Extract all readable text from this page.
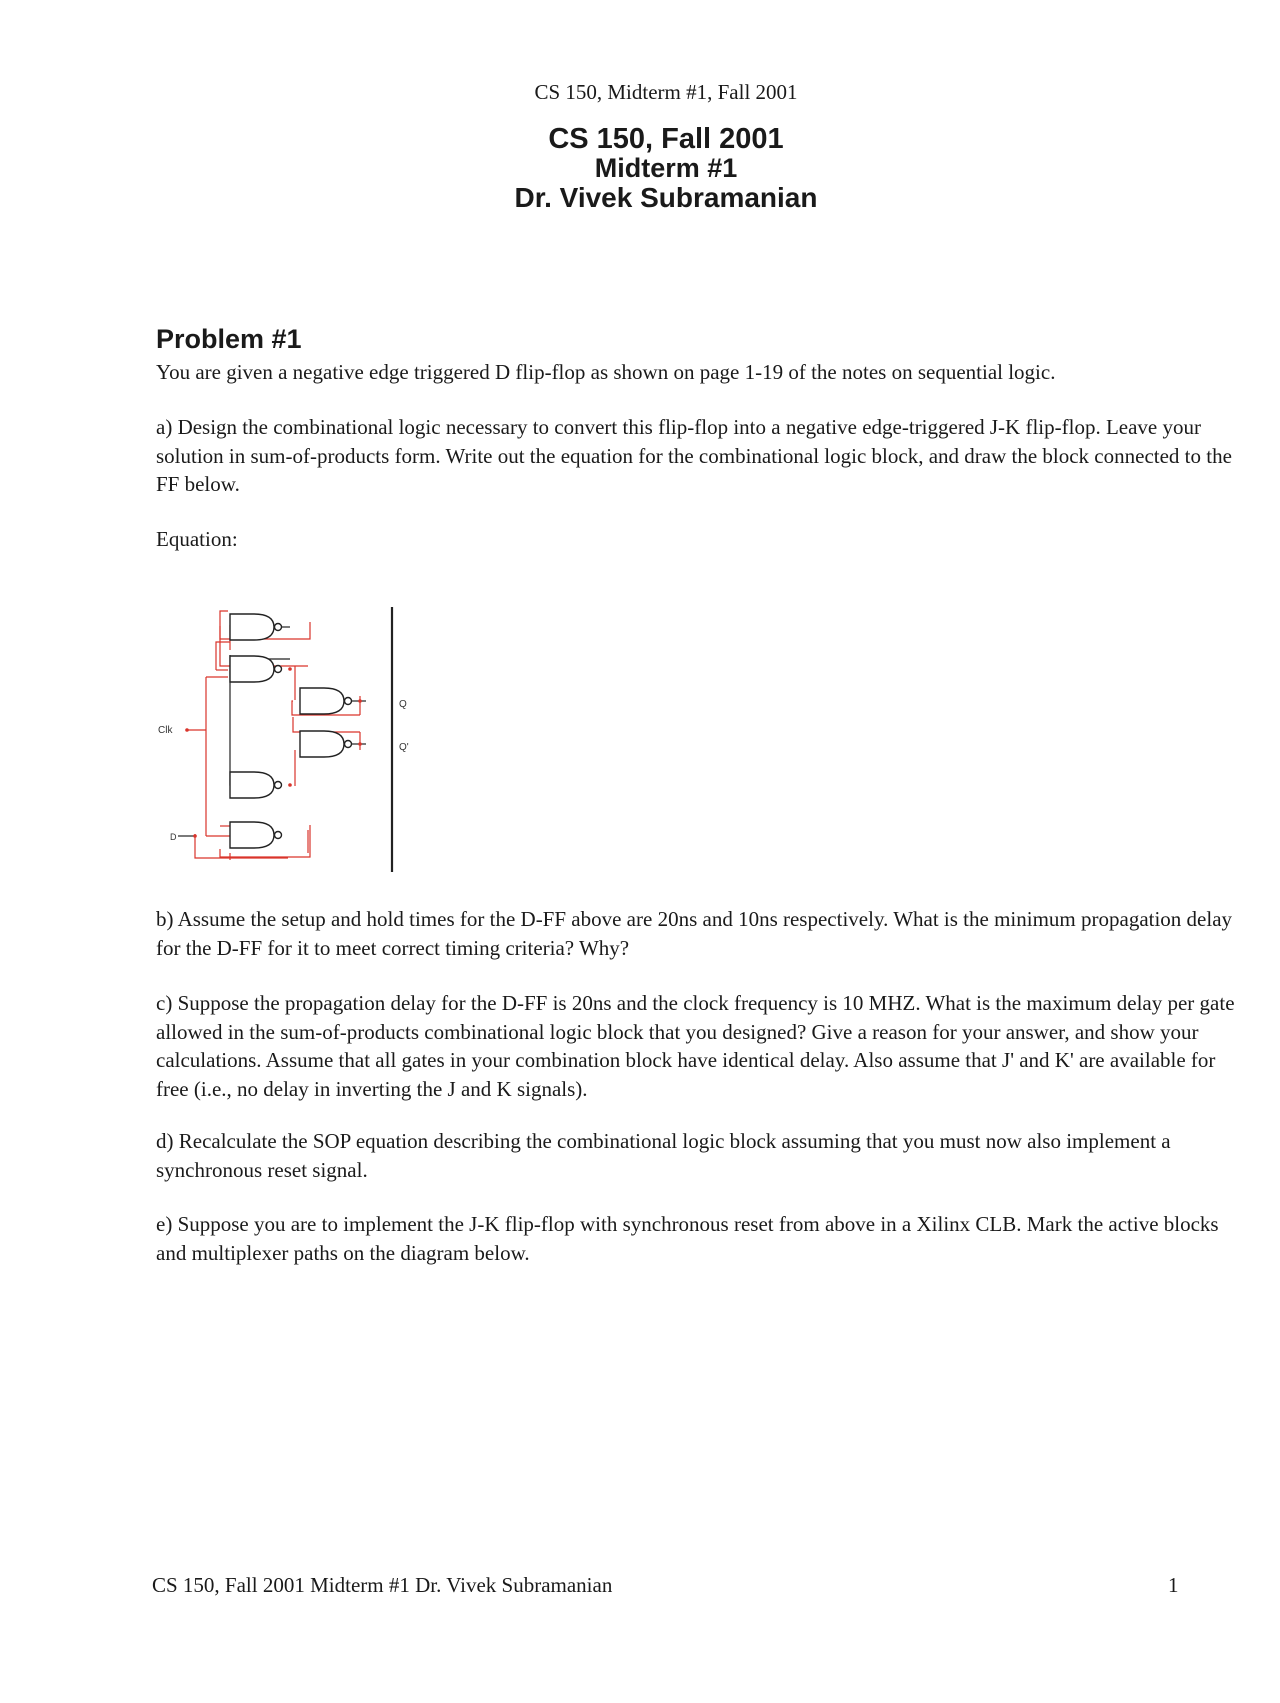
CS 150, Midterm #1, Fall 2001
CS 150, Fall 2001
Midterm #1
Dr. Vivek Subramanian
Problem #1

You are given a negative edge triggered D flip-flop as shown on page 1-19 of the notes on sequential logic.

a) Design the combinational logic necessary to convert this flip-flop into a negative edge-triggered J-K flip-flop. Leave your solution in sum-of-products form. Write out the equation for the combinational logic block, and draw the block connected to the FF below.

Equation:

Clk
D
Q
Q'

b) Assume the setup and hold times for the D-FF above are 20ns and 10ns respectively. What is the minimum propagation delay for the D-FF for it to meet correct timing criteria? Why?

c) Suppose the propagation delay for the D-FF is 20ns and the clock frequency is 10 MHZ. What is the maximum delay per gate allowed in the sum-of-products combinational logic block that you designed? Give a reason for your answer, and show your calculations. Assume that all gates in your combination block have identical delay. Also assume that J' and K' are available for free (i.e., no delay in inverting the J and K signals).

d) Recalculate the SOP equation describing the combinational logic block assuming that you must now also implement a synchronous reset signal.

e) Suppose you are to implement the J-K flip-flop with synchronous reset from above in a Xilinx CLB. Mark the active blocks and multiplexer paths on the diagram below.

CS 150, Fall 2001 Midterm #1 Dr. Vivek Subramanian	1
